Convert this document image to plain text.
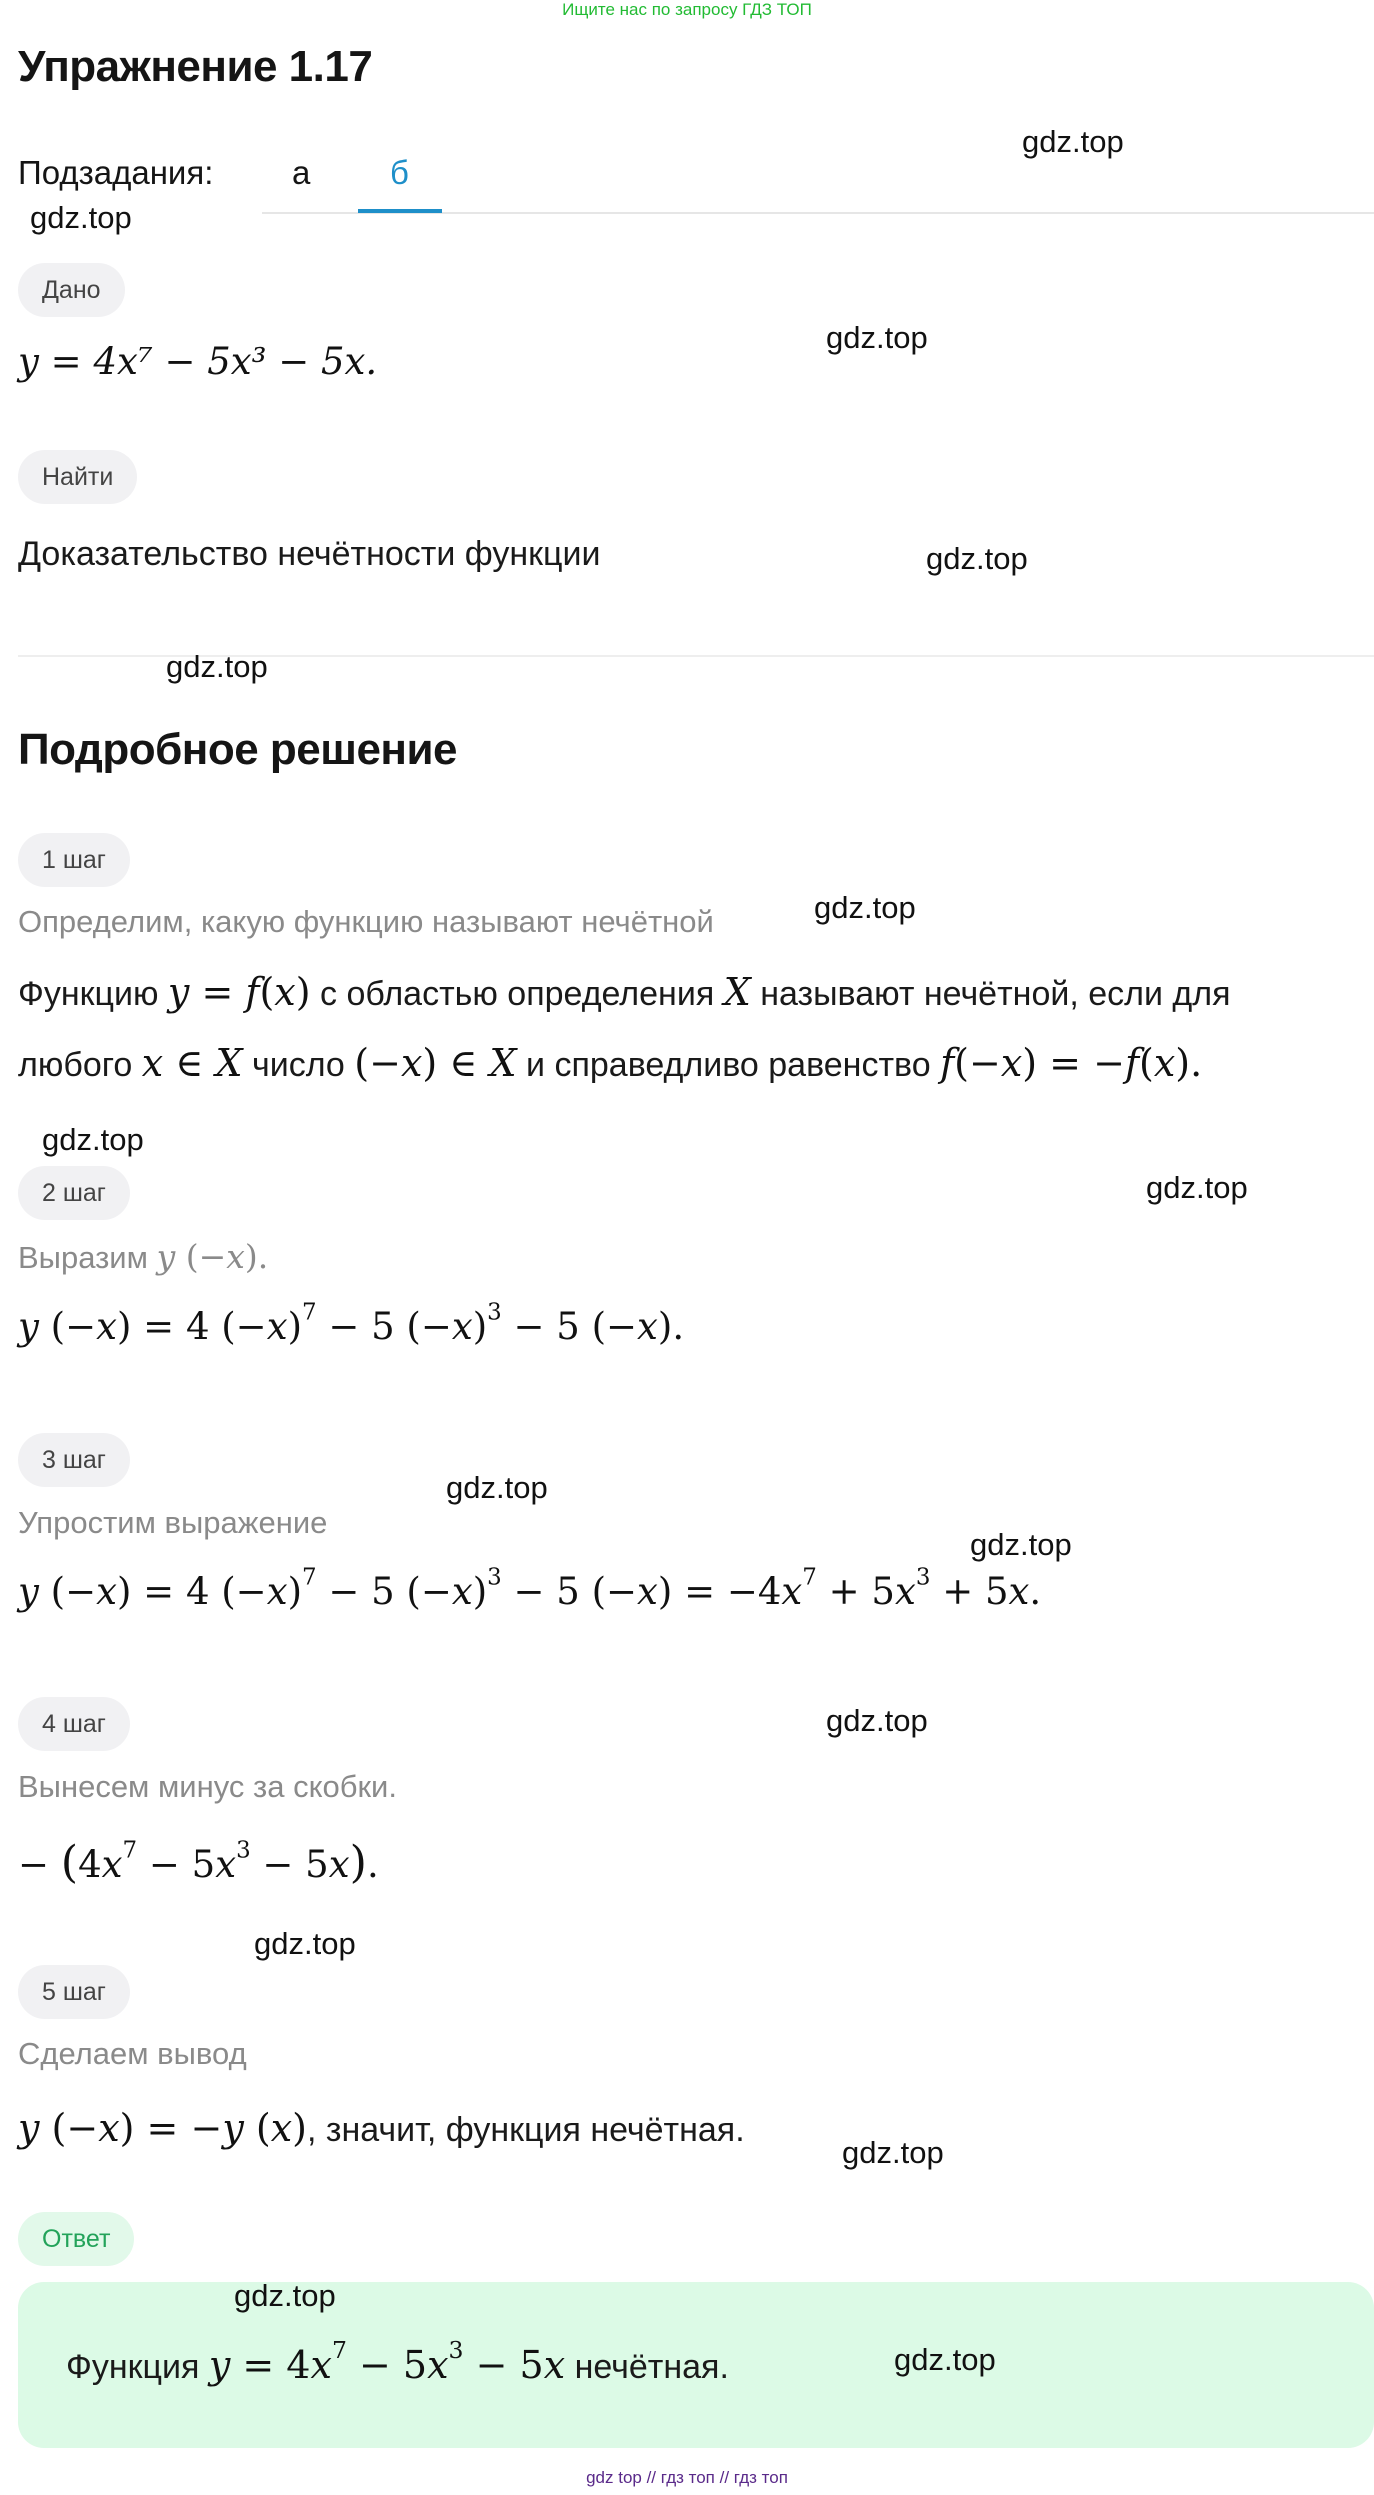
Ищите нас по запросу ГДЗ ТОП
Упражнение 1.17
Подзадания: а б
Дано
y = 4x⁷ − 5x³ − 5x.
Найти
Доказательство нечётности функции
Подробное решение
1 шаг
Определим, какую функцию называют нечётной
Функцию y = f(x) с областью определения X называют нечётной, если для
любого x ∈ X число (−x) ∈ X и справедливо равенство f(−x) = −f(x).
2 шаг
Выразим y (−x).
y (−x) = 4 $(-x)^7 - 5$ $(-x)^3 - 5$ (−x).
3 шаг
Упростим выражение
y (−x) = 4 $(-x)^7 - 5$ $(-x)^3 - 5$ $(-x) = -4x^7 + 5x^3 + 5x$.
4 шаг
Вынесем минус за скобки.
− $(4x^7 - 5x^3 - 5x)$.
5 шаг
Сделаем вывод
y (−x) = −y (x), значит, функция нечётная.
Ответ
Функция $y = 4x^7 - 5x^3 - 5x$ нечётная.
gdz.top
gdz.top
gdz.top
gdz.top
gdz.top
gdz.top
gdz.top
gdz.top
gdz.top
gdz.top
gdz.top
gdz.top
gdz.top
gdz.top
gdz.top
gdz top // гдз топ // гдз топ
